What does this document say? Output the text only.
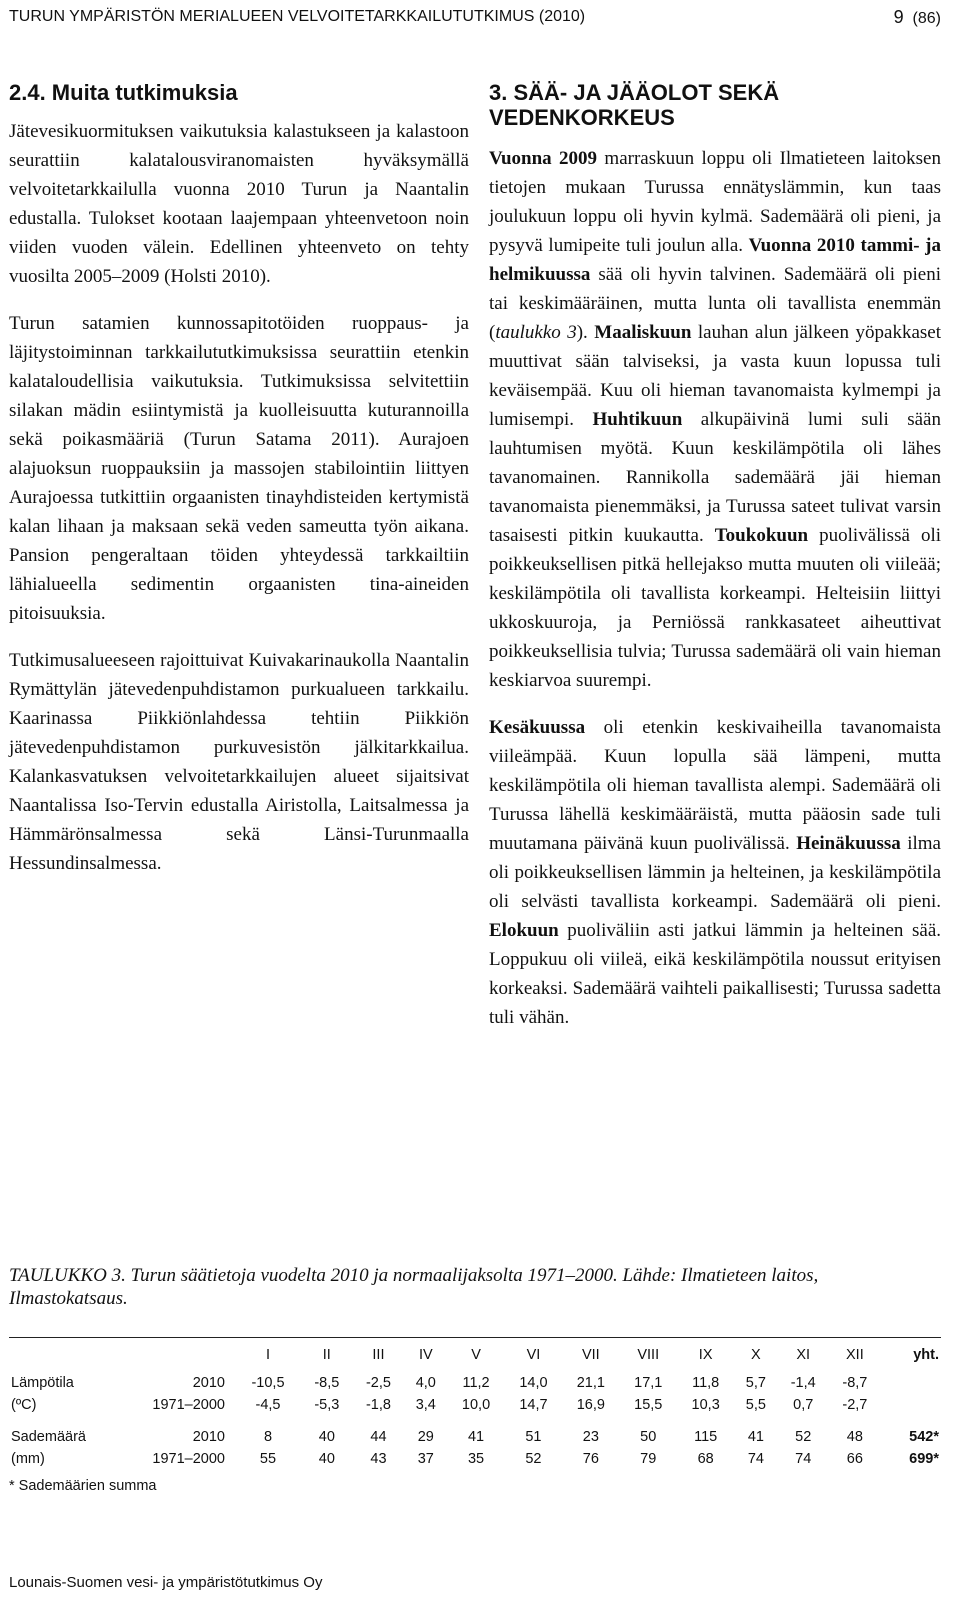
TURUN YMPÄRISTÖN MERIALUEEN VELVOITETARKKAILUTUTKIMUS (2010)	9 (86)
2.4. Muita tutkimuksia

Jätevesikuormituksen vaikutuksia kalastukseen ja kalastoon seurattiin kalatalousviranomaisten hyväksymällä velvoitetarkkailulla vuonna 2010 Turun ja Naantalin edustalla. Tulokset kootaan laajempaan yhteenvetoon noin viiden vuoden välein. Edellinen yhteenveto on tehty vuosilta 2005–2009 (Holsti 2010).

Turun satamien kunnossapitotöiden ruoppaus- ja läjitystoiminnan tarkkailututkimuksissa seurattiin etenkin kalataloudellisia vaikutuksia. Tutkimuksissa selvitettiin silakan mädin esiintymistä ja kuolleisuutta kuturannoilla sekä poikasmääriä (Turun Satama 2011). Aurajoen alajuoksun ruoppauksiin ja massojen stabilointiin liittyen Aurajoessa tutkittiin orgaanisten tinayhdisteiden kertymistä kalan lihaan ja maksaan sekä veden sameutta työn aikana. Pansion pengeraltaan töiden yhteydessä tarkkailtiin lähialueella sedimentin orgaanisten tina-aineiden pitoisuuksia.

Tutkimusalueeseen rajoittuivat Kuivakarinaukolla Naantalin Rymättylän jätevedenpuhdistamon purkualueen tarkkailu. Kaarinassa Piikkiönlahdessa tehtiin Piikkiön jätevedenpuhdistamon purkuvesistön jälkitarkkailua. Kalankasvatuksen velvoitetarkkailujen alueet sijaitsivat Naantalissa Iso-Tervin edustalla Airistolla, Laitsalmessa ja Hämmärönsalmessa sekä Länsi-Turunmaalla Hessundinsalmessa.

3. SÄÄ- JA JÄÄOLOT SEKÄ VEDENKORKEUS

Vuonna 2009 marraskuun loppu oli Ilmatieteen laitoksen tietojen mukaan Turussa ennätyslämmin, kun taas joulukuun loppu oli hyvin kylmä. Sademäärä oli pieni, ja pysyvä lumipeite tuli joulun alla. Vuonna 2010 tammi- ja helmikuussa sää oli hyvin talvinen. Sademäärä oli pieni tai keskimääräinen, mutta lunta oli tavallista enemmän (taulukko 3). Maaliskuun lauhan alun jälkeen yöpakkaset muuttivat sään talviseksi, ja vasta kuun lopussa tuli keväisempää. Kuu oli hieman tavanomaista kylmempi ja lumisempi. Huhtikuun alkupäivinä lumi suli sään lauhtumisen myötä. Kuun keskilämpötila oli lähes tavanomainen. Rannikolla sademäärä jäi hieman tavanomaista pienemmäksi, ja Turussa sateet tulivat varsin tasaisesti pitkin kuukautta. Toukokuun puolivälissä oli poikkeuksellisen pitkä hellejakso mutta muuten oli viileää; keskilämpötila oli tavallista korkeampi. Helteisiin liittyi ukkoskuuroja, ja Perniössä rankkasateet aiheuttivat poikkeuksellisia tulvia; Turussa sademäärä oli vain hieman keskiarvoa suurempi.

Kesäkuussa oli etenkin keskivaiheilla tavanomaista viileämpää. Kuun lopulla sää lämpeni, mutta keskilämpötila oli hieman tavallista alempi. Sademäärä oli Turussa lähellä keskimääräistä, mutta pääosin sade tuli muutamana päivänä kuun puolivälissä. Heinäkuussa ilma oli poikkeuksellisen lämmin ja helteinen, ja keskilämpötila oli selvästi tavallista korkeampi. Sademäärä oli pieni. Elokuun puoliväliin asti jatkui lämmin ja helteinen sää. Loppukuu oli viileä, eikä keskilämpötila noussut erityisen korkeaksi. Sademäärä vaihteli paikallisesti; Turussa sadetta tuli vähän.

TAULUKKO 3. Turun säätietoja vuodelta 2010 ja normaalijaksolta 1971–2000. Lähde: Ilmatieteen laitos, Ilmastokatsaus.
		I	II	III	IV	V	VI	VII	VIII	IX	X	XI	XII	yht.
Lämpötila	2010	-10,5	-8,5	-2,5	4,0	11,2	14,0	21,1	17,1	11,8	5,7	-1,4	-8,7	
(ºC)	1971–2000	-4,5	-5,3	-1,8	3,4	10,0	14,7	16,9	15,5	10,3	5,5	0,7	-2,7	

Sademäärä	2010	8	40	44	29	41	51	23	50	115	41	52	48	542*
(mm)	1971–2000	55	40	43	37	35	52	76	79	68	74	74	66	699*
* Sademäärien summa
Lounais-Suomen vesi- ja ympäristötutkimus Oy
